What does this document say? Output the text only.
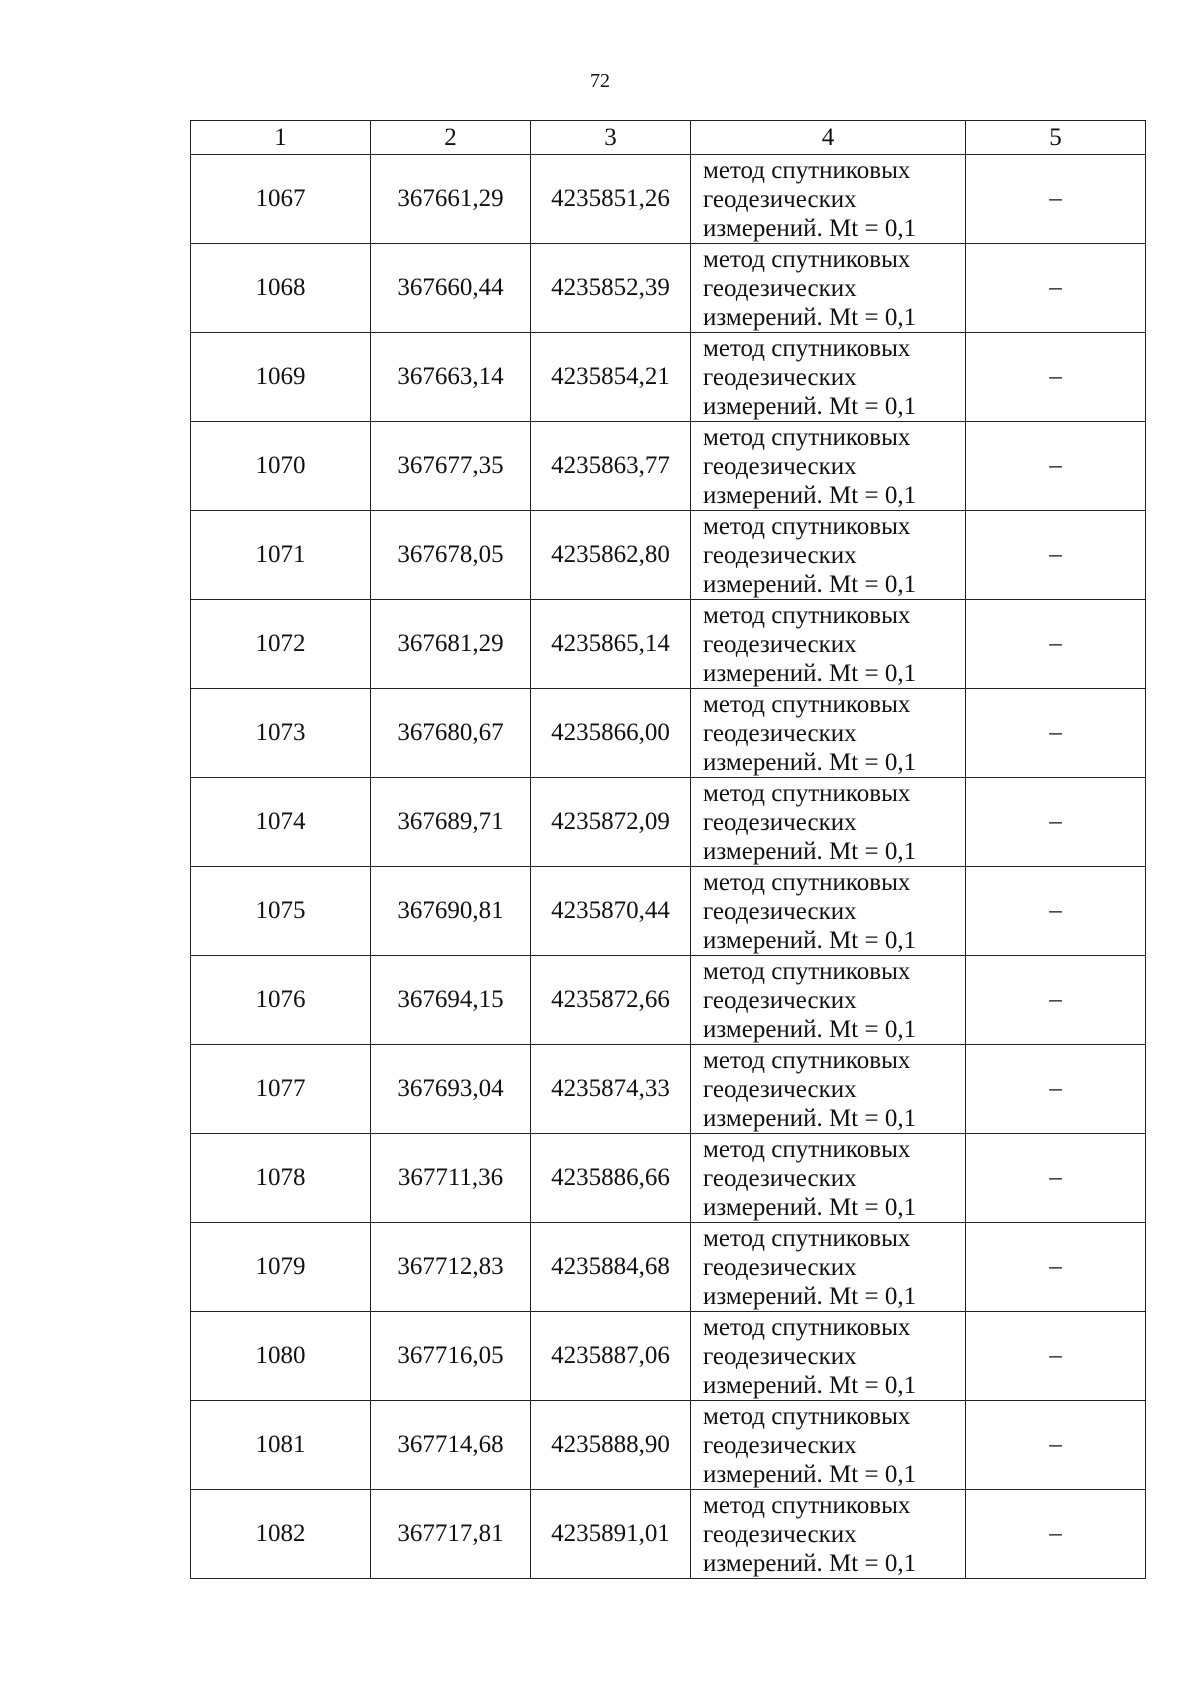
72
1	2	3	4	5
1067	367661,29	4235851,26	метод спутниковых
геодезических
измерений. Mt = 0,1	–
1068	367660,44	4235852,39	метод спутниковых
геодезических
измерений. Mt = 0,1	–
1069	367663,14	4235854,21	метод спутниковых
геодезических
измерений. Mt = 0,1	–
1070	367677,35	4235863,77	метод спутниковых
геодезических
измерений. Mt = 0,1	–
1071	367678,05	4235862,80	метод спутниковых
геодезических
измерений. Mt = 0,1	–
1072	367681,29	4235865,14	метод спутниковых
геодезических
измерений. Mt = 0,1	–
1073	367680,67	4235866,00	метод спутниковых
геодезических
измерений. Mt = 0,1	–
1074	367689,71	4235872,09	метод спутниковых
геодезических
измерений. Mt = 0,1	–
1075	367690,81	4235870,44	метод спутниковых
геодезических
измерений. Mt = 0,1	–
1076	367694,15	4235872,66	метод спутниковых
геодезических
измерений. Mt = 0,1	–
1077	367693,04	4235874,33	метод спутниковых
геодезических
измерений. Mt = 0,1	–
1078	367711,36	4235886,66	метод спутниковых
геодезических
измерений. Mt = 0,1	–
1079	367712,83	4235884,68	метод спутниковых
геодезических
измерений. Mt = 0,1	–
1080	367716,05	4235887,06	метод спутниковых
геодезических
измерений. Mt = 0,1	–
1081	367714,68	4235888,90	метод спутниковых
геодезических
измерений. Mt = 0,1	–
1082	367717,81	4235891,01	метод спутниковых
геодезических
измерений. Mt = 0,1	–
